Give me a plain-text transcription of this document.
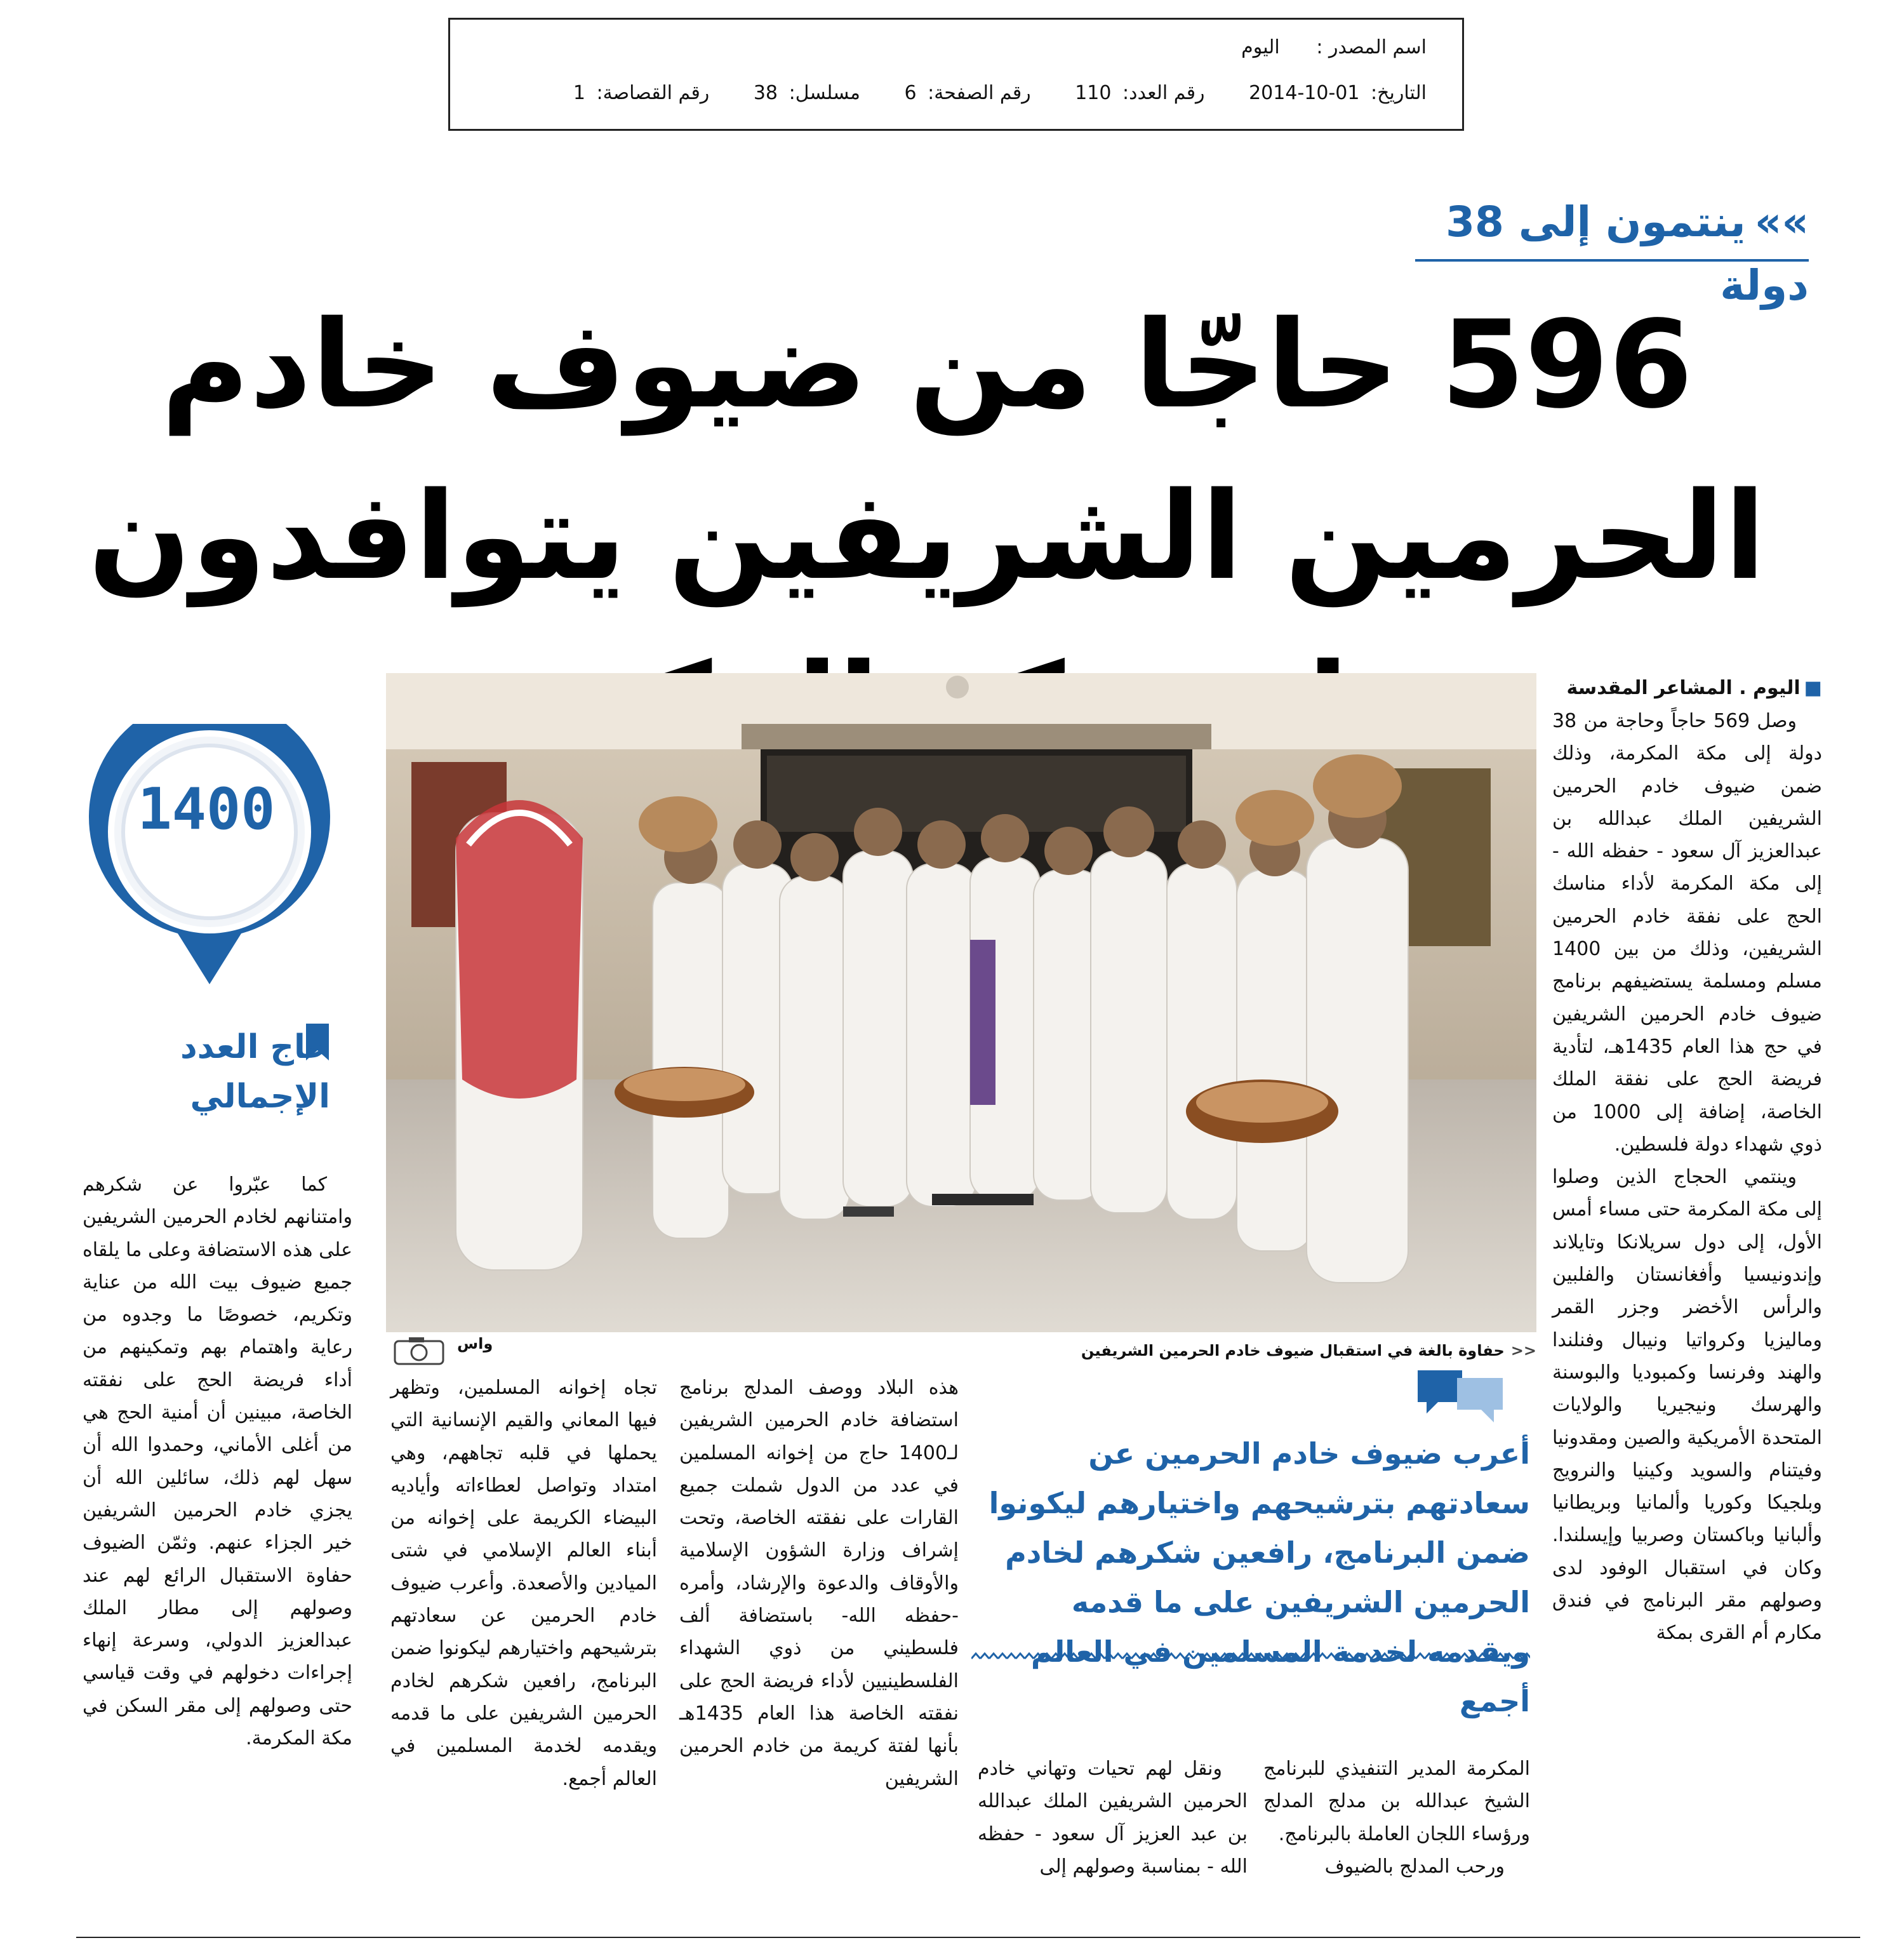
اسم المصدر : اليوم
التاريخ: 01-10-2014 رقم العدد: 110 رقم الصفحة: 6 مسلسل: 38 رقم القصاصة: 1
»»ينتمون إلى 38 دولة
596 حاجّا من ضيوف خادم الحرمين الشريفين يتوافدون
واس	<<حفاوة بالغة في استقبال ضيوف خادم الحرمين الشريفين
■اليوم . المشاعر المقدسة

وصل 569 حاجاً وحاجة من 38 دولة إلى مكة المكرمة، وذلك ضمن ضيوف خادم الحرمين الشريفين الملك عبدالله بن عبدالعزيز آل سعود - حفظه الله - إلى مكة المكرمة لأداء مناسك الحج على نفقة خادم الحرمين الشريفين، وذلك من بين 1400 مسلم ومسلمة يستضيفهم برنامج ضيوف خادم الحرمين الشريفين في حج هذا العام 1435هـ، لتأدية فريضة الحج على نفقة الملك الخاصة، إضافة إلى 1000 من ذوي شهداء دولة فلسطين.

وينتمي الحجاج الذين وصلوا إلى مكة المكرمة حتى مساء أمس الأول، إلى دول سريلانكا وتايلاند وإندونيسيا وأفغانستان والفلبين والرأس الأخضر وجزر القمر وماليزيا وكرواتيا ونيبال وفنلندا والهند وفرنسا وكمبوديا والبوسنة والهرسك ونيجيريا والولايات المتحدة الأمريكية والصين ومقدونيا وفيتنام والسويد وكينيا والنرويج وبلجيكا وكوريا وألمانيا وبريطانيا وألبانيا وباكستان وصربيا وإيسلندا. وكان في استقبال الوفود لدى وصولهم مقر البرنامج في فندق مكارم أم القرى بمكة

1400
حاج العدد
الإجمالي

كما عبّروا عن شكرهم وامتنانهم لخادم الحرمين الشريفين على هذه الاستضافة وعلى ما يلقاه جميع ضيوف بيت الله من عناية وتكريم، خصوصًا ما وجدوه من رعاية واهتمام بهم وتمكينهم من أداء فريضة الحج على نفقته الخاصة، مبينين أن أمنية الحج هي من أغلى الأماني، وحمدوا الله أن سهل لهم ذلك، سائلين الله أن يجزي خادم الحرمين الشريفين خير الجزاء عنهم. وثمّن الضيوف حفاوة الاستقبال الرائع لهم عند وصولهم إلى مطار الملك عبدالعزيز الدولي، وسرعة إنهاء إجراءات دخولهم في وقت قياسي حتى وصولهم إلى مقر السكن في مكة المكرمة.

هذه البلاد ووصف المدلج برنامج استضافة خادم الحرمين الشريفين لـ1400 حاج من إخوانه المسلمين في عدد من الدول شملت جميع القارات على نفقته الخاصة، وتحت إشراف وزارة الشؤون الإسلامية والأوقاف والدعوة والإرشاد، وأمره -حفظه الله- باستضافة ألف فلسطيني من ذوي الشهداء الفلسطينيين لأداء فريضة الحج على نفقته الخاصة هذا العام 1435هـ بأنها لفتة كريمة من خادم الحرمين الشريفين

تجاه إخوانه المسلمين، وتظهر فيها المعاني والقيم الإنسانية التي يحملها في قلبه تجاههم، وهي امتداد وتواصل لعطاءاته وأياديه البيضاء الكريمة على إخوانه من أبناء العالم الإسلامي في شتى الميادين والأصعدة. وأعرب ضيوف خادم الحرمين عن سعادتهم بترشيحهم واختيارهم ليكونوا ضمن البرنامج، رافعين شكرهم لخادم الحرمين الشريفين على ما قدمه ويقدمه لخدمة المسلمين في العالم أجمع.

أعرب ضيوف خادم الحرمين عن سعادتهم بترشيحهم واختيارهم ليكونوا ضمن البرنامج، رافعين شكرهم لخادم الحرمين الشريفين على ما قدمه أجمع

المكرمة المدير التنفيذي للبرنامج الشيخ عبدالله بن مدلج المدلج ورؤساء اللجان العاملة بالبرنامج.

ورحب المدلج بالضيوف

ونقل لهم تحيات وتهاني خادم الحرمين الشريفين الملك عبدالله بن عبد العزيز آل سعود - حفظه الله - بمناسبة وصولهم إلى
